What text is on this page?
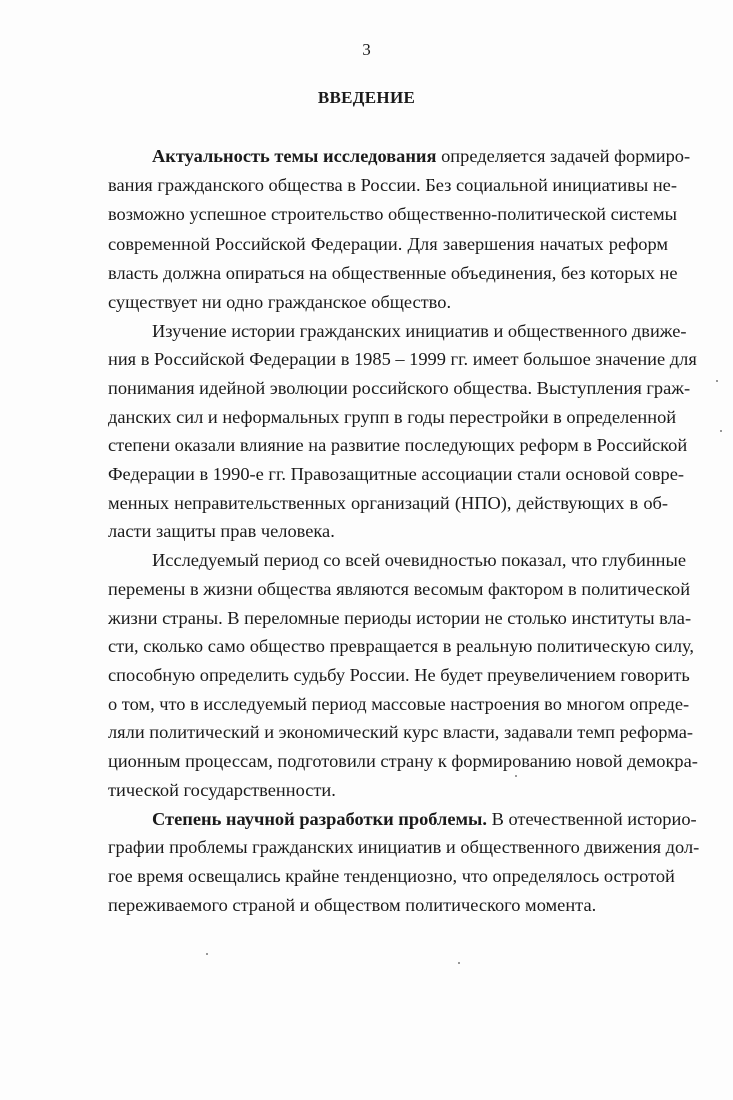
3
ВВЕДЕНИЕ
Актуальность темы исследования определяется задачей формиро-
вания гражданского общества в России. Без социальной инициативы не-
возможно успешное строительство общественно-политической системы
современной Российской Федерации. Для завершения начатых реформ
власть должна опираться на общественные объединения, без которых не
существует ни одно гражданское общество.
Изучение истории гражданских инициатив и общественного движе-
ния в Российской Федерации в 1985 – 1999 гг. имеет большое значение для
понимания идейной эволюции российского общества. Выступления граж-
данских сил и неформальных групп в годы перестройки в определенной
степени оказали влияние на развитие последующих реформ в Российской
Федерации в 1990-е гг. Правозащитные ассоциации стали основой совре-
менных неправительственных организаций (НПО), действующих в об-
ласти защиты прав человека.
Исследуемый период со всей очевидностью показал, что глубинные
перемены в жизни общества являются весомым фактором в политической
жизни страны. В переломные периоды истории не столько институты вла-
сти, сколько само общество превращается в реальную политическую силу,
способную определить судьбу России. Не будет преувеличением говорить
о том, что в исследуемый период массовые настроения во многом опреде-
ляли политический и экономический курс власти, задавали темп реформа-
ционным процессам, подготовили страну к формированию новой демокра-
тической государственности.
Степень научной разработки проблемы. В отечественной историо-
графии проблемы гражданских инициатив и общественного движения дол-
гое время освещались крайне тенденциозно, что определялось остротой
переживаемого страной и обществом политического момента.
